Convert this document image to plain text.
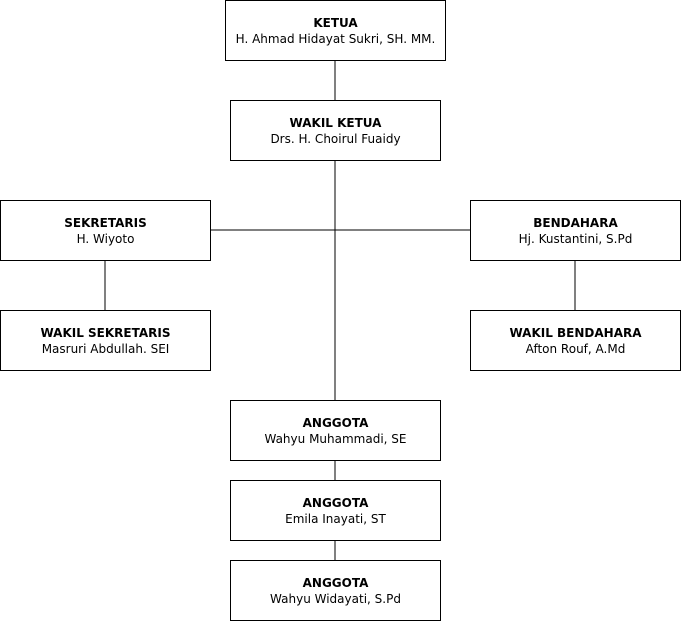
KETUA
H. Ahmad Hidayat Sukri, SH. MM.
WAKIL KETUA
Drs. H. Choirul Fuaidy
SEKRETARIS
H. Wiyoto
BENDAHARA
Hj. Kustantini, S.Pd
WAKIL SEKRETARIS
Masruri Abdullah. SEI
WAKIL BENDAHARA
Afton Rouf, A.Md
ANGGOTA
Wahyu Muhammadi, SE
ANGGOTA
Emila Inayati, ST
ANGGOTA
Wahyu Widayati, S.Pd
